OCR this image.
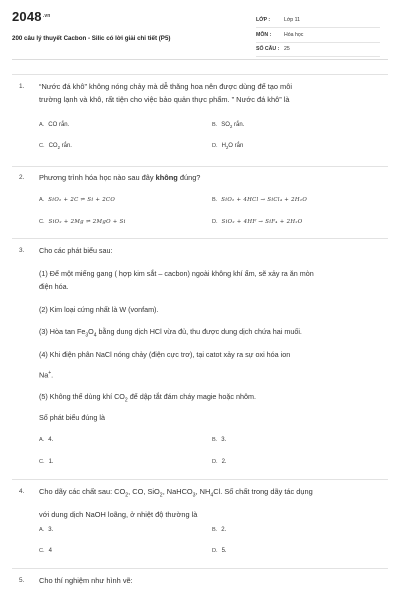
$2048^{.vn}$
200 câu lý thuyết Cacbon - Silic có lời giải chi tiết (P5)
LỚP :	Lớp 11
MÔN : Hóa học
SỐ CÂU : 25
1. “Nước đá khô” không nóng chảy mà dễ thăng hoa nên được dùng để tạo môi
trường lạnh và khô, rất tiện cho việc bảo quản thực phẩm. ” Nước đá khô” là
A. CO rắn.	B. $SO_2$ rắn.
C. $CO_2$ rắn.	D. $H_2O$ rắn
2. Phương trình hóa học nào sau đây không đúng?
A. SiO₂ + 2C ⇌ Si + 2CO	B. SiO₂ + 4HCl → SiCl₄ + 2H₂O
C. SiO₂ + 2Mg ⇌ 2MgO + Si	D. SiO₂ + 4HF → SiF₄ + 2H₂O
3. Cho các phát biểu sau:
(1) Để một miếng gang ( hợp kim sắt – cacbon) ngoài không khí ẩm, sẽ xảy ra ăn mòn
điện hóa.
(2) Kim loại cứng nhất là W (vonfam).
(3) Hòa $\tan Fe_3O_4$ bằng dung dịch HCl vừa đủ, thu được dung dịch chứa hai muối.
(4) Khi điện phân NaCl nóng chảy (điện cực trơ), tại catot xảy ra sự oxi hóa ion
Na+.
(5) Không thể dùng khí $CO_2$ để dập tắt đám cháy magie hoặc nhôm.
Số phát biểu đúng là
A. 4.	B. 3.
C. 1.	D. 2.
4. Cho dãy các chất sau: $CO_2$, CO, SiO$_2$, NaHCO$_3$, $NH_4Cl$. Số chất trong dãy tác dụng
với dung dịch NaOH loãng, ở nhiệt độ thường là
A. 3.	B. 2.
C. 4	D. 5.
5. Cho thí nghiệm như hình vẽ:
